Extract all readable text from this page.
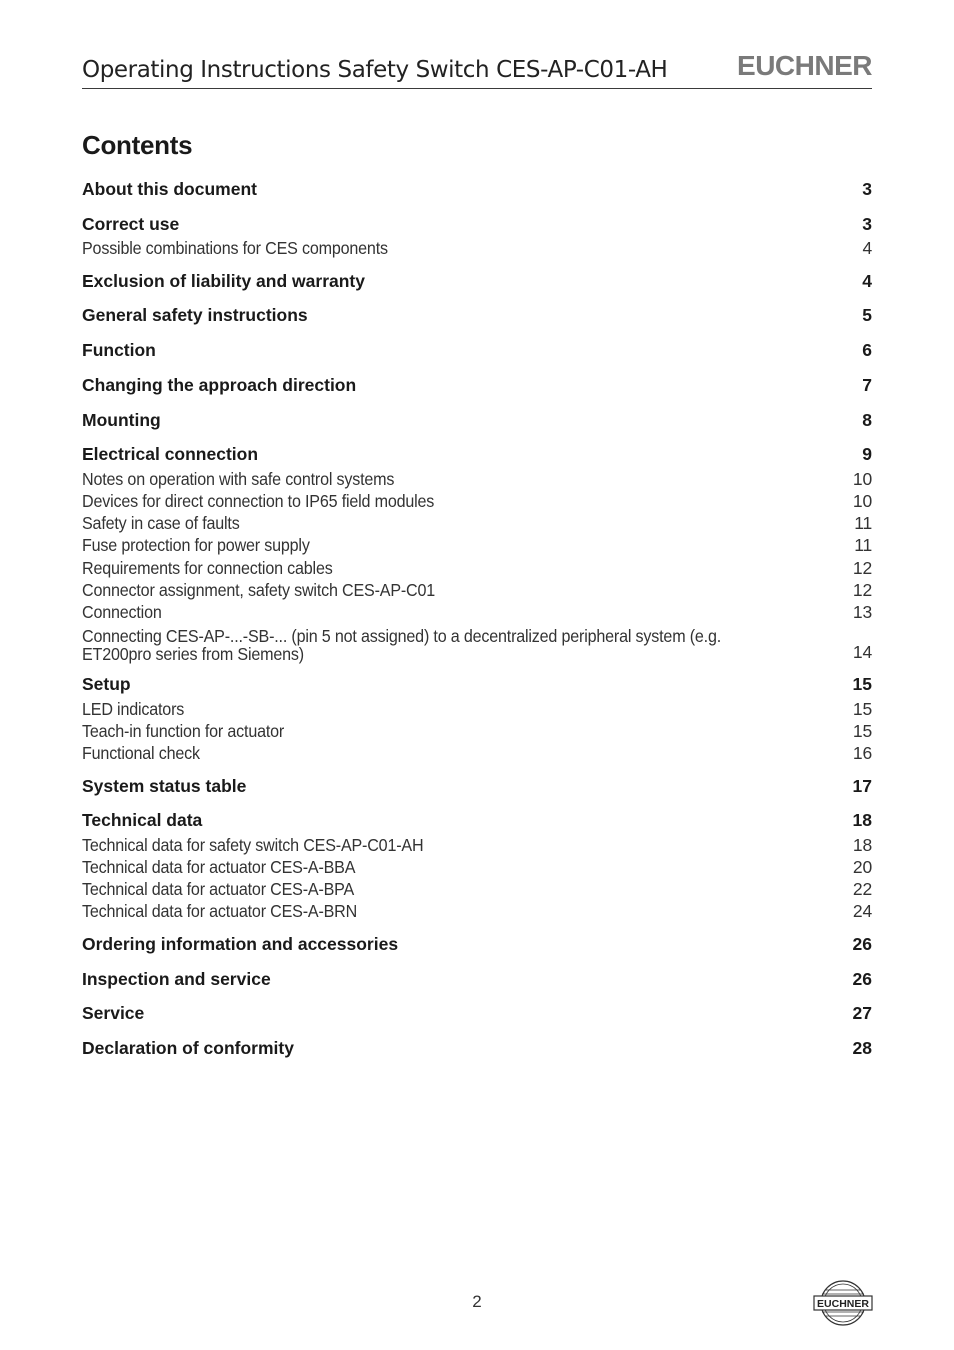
Operating Instructions Safety Switch CES-AP-C01-AH EUCHNER
Contents
About this document	3
Correct use	3
Possible combinations for CES components	4
Exclusion of liability and warranty	4
General safety instructions	5
Function	6
Changing the approach direction	7
Mounting	8
Electrical connection	9
Notes on operation with safe control systems	10
Devices for direct connection to IP65 field modules	10
Safety in case of faults	11
Fuse protection for power supply	11
Requirements for connection cables	12
Connector assignment, safety switch CES-AP-C01	12
Connection	13
Connecting CES-AP-...-SB-... (pin 5 not assigned) to a decentralized peripheral system (e.g. ET200pro series from Siemens)	14
Setup	15
LED indicators	15
Teach-in function for actuator	15
Functional check	16
System status table	17
Technical data	18
Technical data for safety switch CES-AP-C01-AH	18
Technical data for actuator CES-A-BBA	20
Technical data for actuator CES-A-BPA	22
Technical data for actuator CES-A-BRN	24
Ordering information and accessories	26
Inspection and service	26
Service	27
Declaration of conformity	28
2	EUCHNER
